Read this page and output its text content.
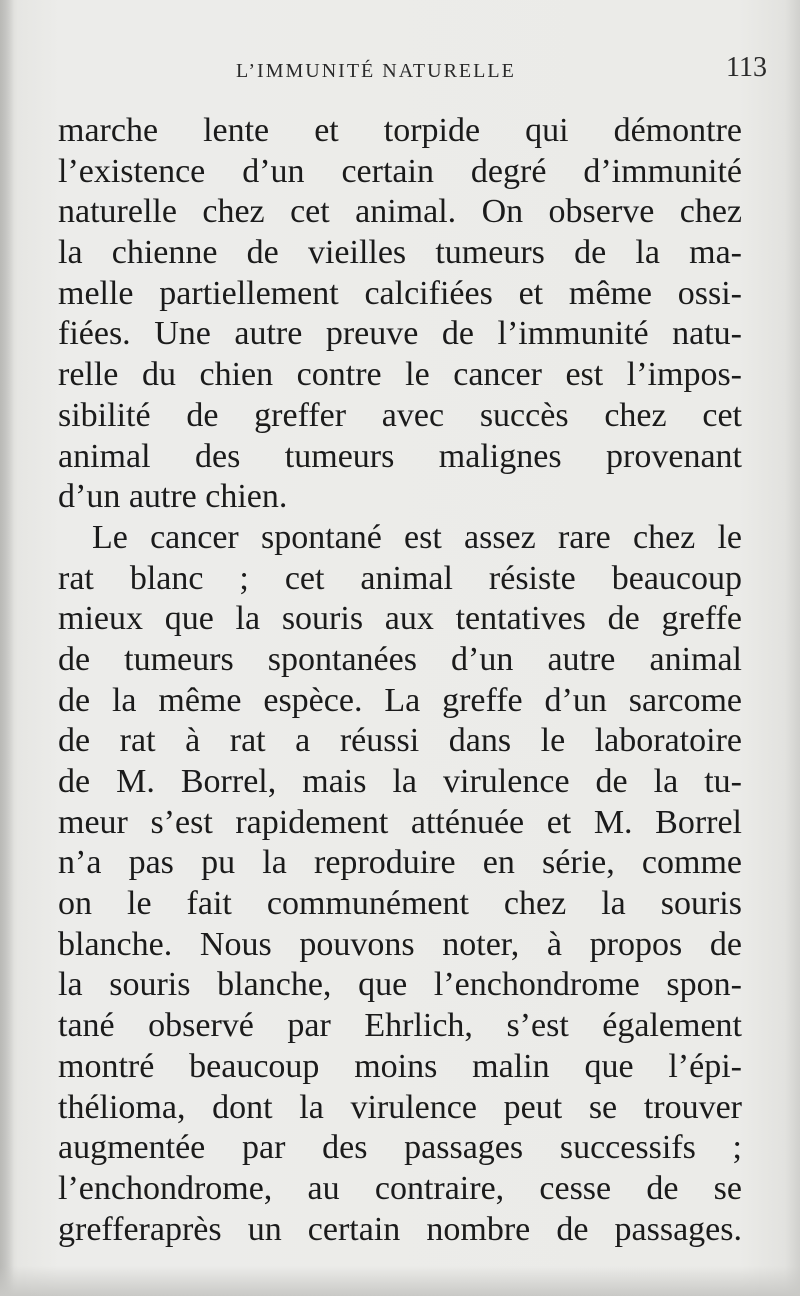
L’IMMUNITÉ NATURELLE	113
marche lente et torpide qui démontre
l’existence d’un certain degré d’immunité
naturelle chez cet animal. On observe chez
la chienne de vieilles tumeurs de la ma-
melle partiellement calcifiées et même ossi-
fiées. Une autre preuve de l’immunité natu-
relle du chien contre le cancer est l’impos-
sibilité de greffer avec succès chez cet
animal des tumeurs malignes provenant
d’un autre chien.
Le cancer spontané est assez rare chez le
rat blanc ; cet animal résiste beaucoup
mieux que la souris aux tentatives de greffe
de tumeurs spontanées d’un autre animal
de la même espèce. La greffe d’un sarcome
de rat à rat a réussi dans le laboratoire
de M. Borrel, mais la virulence de la tu-
meur s’est rapidement atténuée et M. Borrel
n’a pas pu la reproduire en série, comme
on le fait communément chez la souris
blanche. Nous pouvons noter, à propos de
la souris blanche, que l’enchondrome spon-
tané observé par Ehrlich, s’est également
montré beaucoup moins malin que l’épi-
thélioma, dont la virulence peut se trouver
augmentée par des passages successifs ;
l’enchondrome, au contraire, cesse de se
grefferaprès un certain nombre de passages.
